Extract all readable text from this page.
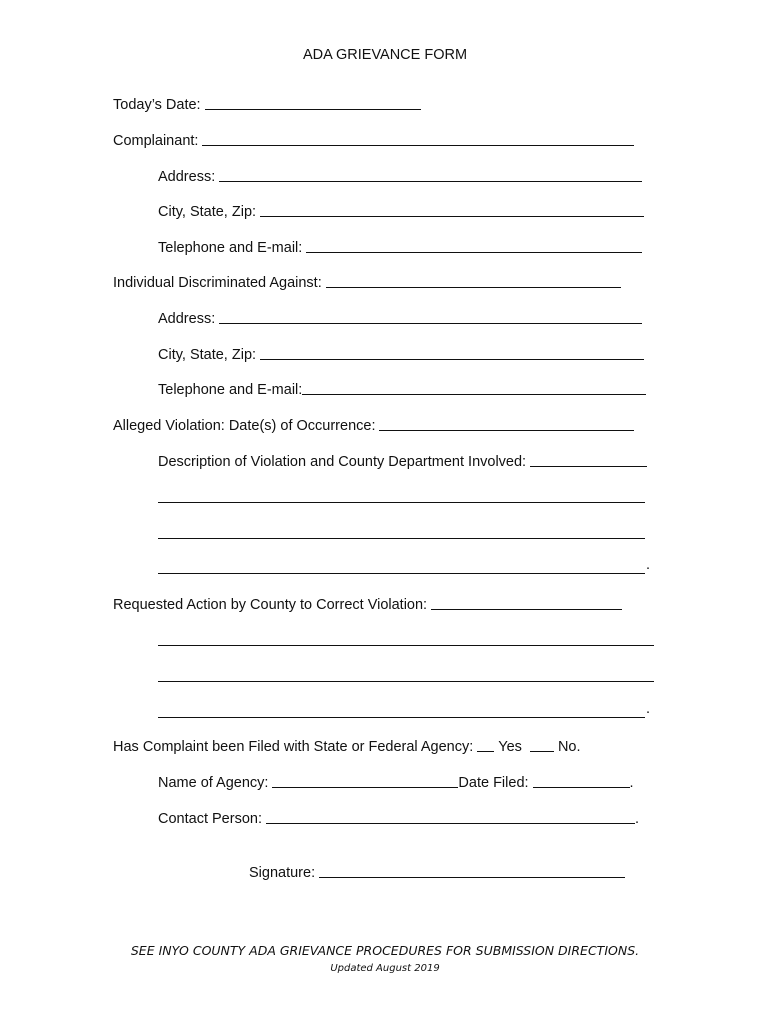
ADA GRIEVANCE FORM
Today’s Date:
Complainant:
Address:
City, State, Zip:
Telephone and E-mail:
Individual Discriminated Against:
Address:
City, State, Zip:
Telephone and E-mail:
Alleged Violation: Date(s) of Occurrence:
Description of Violation and County Department Involved:
.
Requested Action by County to Correct Violation:
.
Has Complaint been Filed with State or Federal Agency: Yes No.
Name of Agency:	Date Filed:	.
Contact Person:	.
Signature:
SEE INYO COUNTY ADA GRIEVANCE PROCEDURES FOR SUBMISSION DIRECTIONS.
Updated August 2019
